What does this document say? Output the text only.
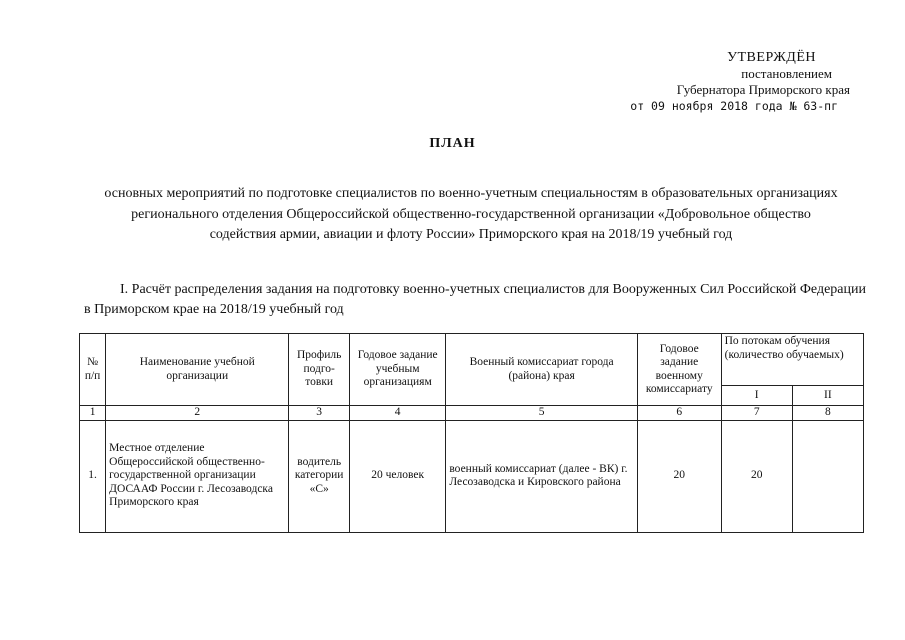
УТВЕРЖДЁН
постановлением
Губернатора Приморского края
от 09 ноября 2018 года № 63-пг
ПЛАН
основных мероприятий по подготовке специалистов по военно-учетным специальностям в образовательных организациях регионального отделения Общероссийской общественно-государственной организации «Добровольное общество содействия армии, авиации и флоту России» Приморского края на 2018/19 учебный год
I. Расчёт распределения задания на подготовку военно-учетных специалистов для Вооруженных Сил Российской Федерации в Приморском крае на 2018/19 учебный год
№ п/п	Наименование учебной организации	Профиль подго-товки	Годовое задание учебным организациям	Военный комиссариат города (района) края	Годовое задание военному комиссариату	По потокам обучения (количество обучаемых)	
						I	II
1	2	3	4	5	6	7	8
1.	Местное отделение Общероссийской общественно-государственной организации ДОСААФ России г. Лесозаводска Приморского края	водитель категории «С»	20 человек	военный комиссариат (далее - ВК) г. Лесозаводска и Кировского района	20	20	
